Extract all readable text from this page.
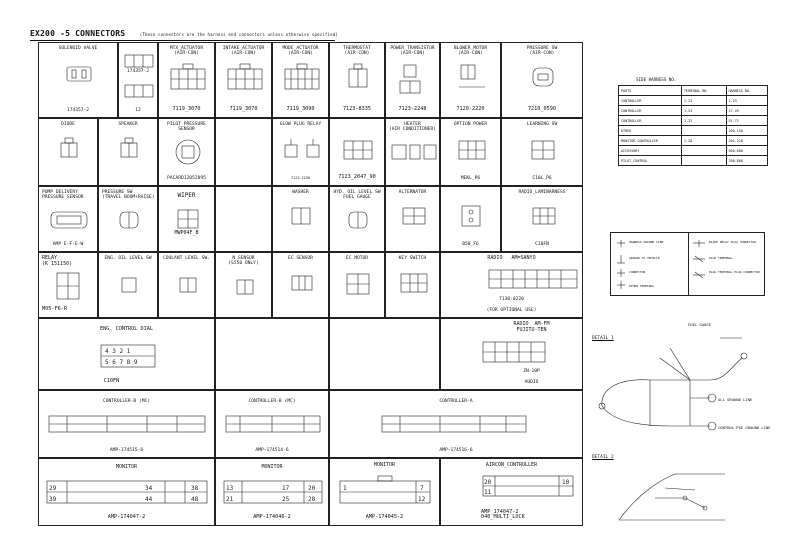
EX200 -5 CONNECTORS	(These connectors are the harness end connectors unless otherwise specified)
SOLENOID VALVE
174357-2
174357-2
12
MTX_ACTUATOR
(AIR-CON)
7119_3070
INTAKE_ACTUATOR
(AIR-CON)
7119_3070
MODE_ACTUATOR
(AIR-CON)
7119_3090
THERMOSTAT
(AIR-CON)
7123-8335
POWER_TRANSISTOR
(AIR-CON)
7123-2248
BLOWER_MOTOR
(AIR-CON)
7120-2220
PRESSURE SW
(AIR-CON)
7210_0590
DIODE	SPEAKER	PILOT PRESSURE
SENSOR
PACARD12052895
GLOW PLUG RELAY
7123-2230	7123_2047_90
HEATER
(AIR CONDITIONER)
OPTION POWER
MEKL_P6
LEARNING SW
C10L_P6
PUMP DELIVERY
PRESSURE SENSOR
AMP E-F-E-W
PRESSURE SW
(TRAVEL BOOM+RAISE)	WIPER
MWP04F_B
WASHER	HYD. OIL LEVEL SW
FUEL GAUGE
ALTERNATOR
050_F6
RADIO_LAMINARNESS
C10FN
RELAY
(K 151150)
M05-F6-R
ENG. OIL LEVEL SW	COOLANT LEVEL SW.	N SENSOR
(S550 ONLY)
EC SENSOR	EC MOTOR	KEY SWITCH	RADIO AM=SANYO
7130-0220
(FOR OPTIONAL USE)
ENG. CONTROL DIAL
4 3 2 1
5 6 7 8 9
C10FN
RADIO  AM-FM
FUJITU-TEN
ZN-10P
AUDIO
CONTROLLER-B (MC)
AMP-174515-6
CONTROLLER-B (MC)
AMP-174514-6
CONTROLLER-A
AMP-174516-6
MONITOR
29	34	38
39	44	48
AMP-174047-2
MONITOR
13	17	20
21	25	28
AMP-174046-2
MONITOR
1	7
12
AMP-174045-2
AIRCON_CONTROLLER
20	10
11
AMP_174047-2
040_MULTI_LOCK
SIDE HARNESS NO.
PARTS	TERMINAL NO.	HARNESS NO.
CONTROLLER	1-23	1-23
CONTROLLER	1-23	27-49
CONTROLLER	1-23	51-72
OTHER		100-150
MONITOR CONTROLLER	1-28	201-228
ACCESSORY		500-600
PILOT_CONTROL		700-800
HARNESS GROUND LINE
GROUND TO VEHICLE
CONNECTOR
OTHER TERMINAL
BLADE RELAY PLUG CONNECTOR
PLUG TERMINAL
PLUG TERMINAL PLUG CONNECTOR
DETAIL 1
FUEL GAUGE
ALL GROUND LINE
CONTROL PSE GROUND LINE
DETAIL 2
